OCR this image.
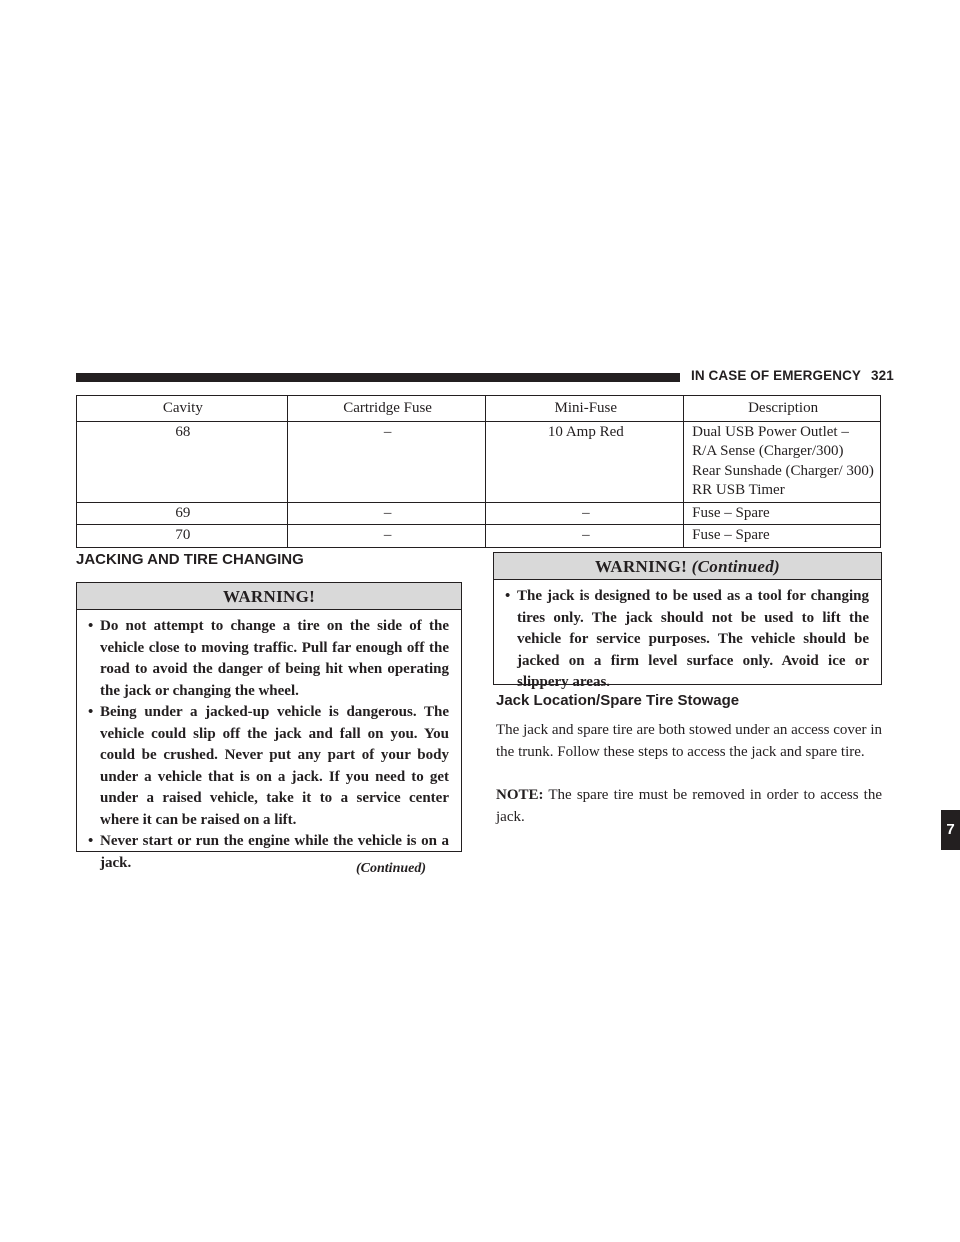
IN CASE OF EMERGENCY 321
7
Cavity	Cartridge Fuse	Mini-Fuse	Description
68	–	10 Amp Red	Dual USB Power Outlet – R/A Sense (Charger/300) Rear Sunshade (Charger/ 300) RR USB Timer
69	–	–	Fuse – Spare
70	–	–	Fuse – Spare
JACKING AND TIRE CHANGING
WARNING!
• Do not attempt to change a tire on the side of the vehicle close to moving traffic. Pull far enough off the road to avoid the danger of being hit when operating the jack or changing the wheel.
• Being under a jacked-up vehicle is dangerous. The vehicle could slip off the jack and fall on you. You could be crushed. Never put any part of your body under a vehicle that is on a jack. If you need to get under a raised vehicle, take it to a service center where it can be raised on a lift.
• Never start or run the engine while the vehicle is on a jack.	(Continued)
WARNING! (Continued)
• The jack is designed to be used as a tool for changing tires only. The jack should not be used to lift the vehicle for service purposes. The vehicle should be jacked on a firm level surface only. Avoid ice or slippery areas.
Jack Location/Spare Tire Stowage

The jack and spare tire are both stowed under an access cover in the trunk. Follow these steps to access the jack and spare tire.

NOTE: The spare tire must be removed in order to access the jack.
